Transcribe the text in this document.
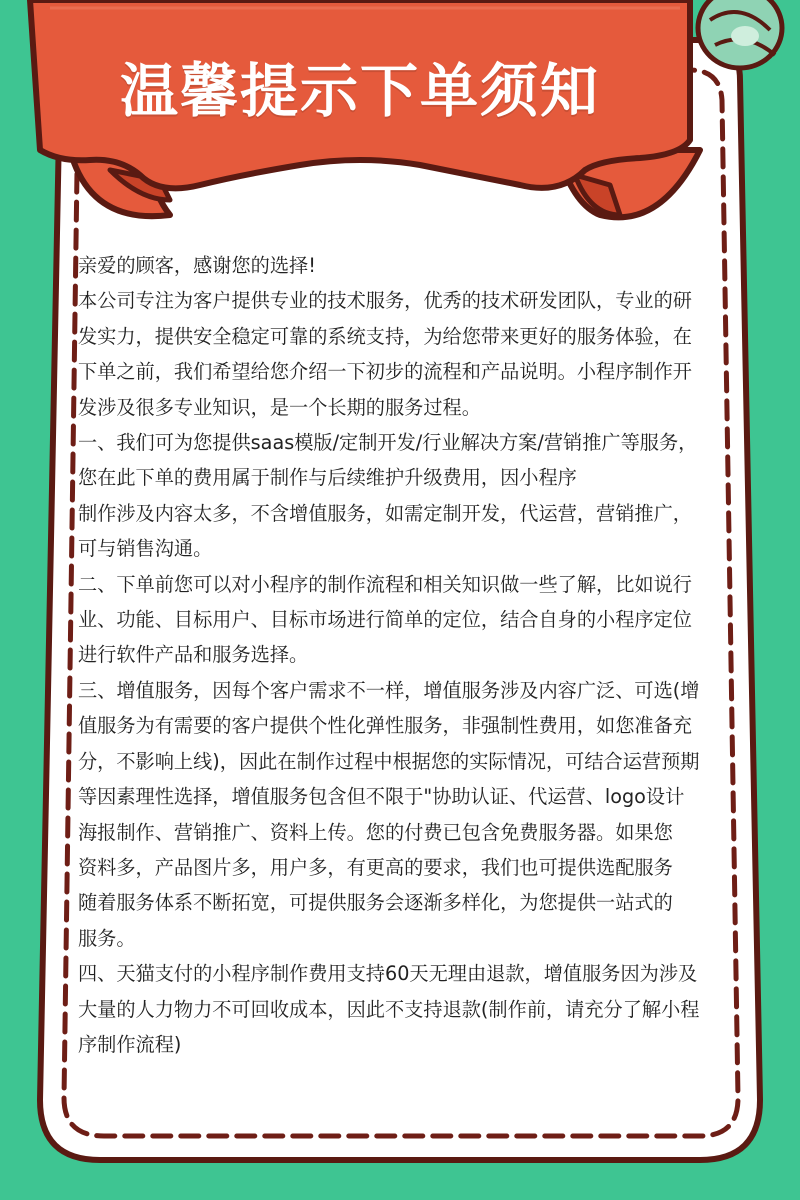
温馨提示下单须知
亲爱的顾客，感谢您的选择!
本公司专注为客户提供专业的技术服务，优秀的技术研发团队，专业的研
发实力，提供安全稳定可靠的系统支持，为给您带来更好的服务体验，在
下单之前，我们希望给您介绍一下初步的流程和产品说明。小程序制作开
发涉及很多专业知识，是一个长期的服务过程。
一、我们可为您提供saas模版/定制开发/行业解决方案/营销推广等服务，
您在此下单的费用属于制作与后续维护升级费用，因小程序
制作涉及内容太多，不含增值服务，如需定制开发，代运营，营销推广，
可与销售沟通。
二、下单前您可以对小程序的制作流程和相关知识做一些了解，比如说行
业、功能、目标用户、目标市场进行简单的定位，结合自身的小程序定位
进行软件产品和服务选择。
三、增值服务，因每个客户需求不一样，增值服务涉及内容广泛、可选(增
值服务为有需要的客户提供个性化弹性服务，非强制性费用，如您准备充
分，不影响上线)，因此在制作过程中根据您的实际情况，可结合运营预期
等因素理性选择，增值服务包含但不限于"协助认证、代运营、logo设计
海报制作、营销推广、资料上传。您的付费已包含免费服务器。如果您
资料多，产品图片多，用户多，有更高的要求，我们也可提供选配服务
随着服务体系不断拓宽，可提供服务会逐渐多样化，为您提供一站式的
服务。
四、天猫支付的小程序制作费用支持60天无理由退款，增值服务因为涉及
大量的人力物力不可回收成本，因此不支持退款(制作前，请充分了解小程
序制作流程)
